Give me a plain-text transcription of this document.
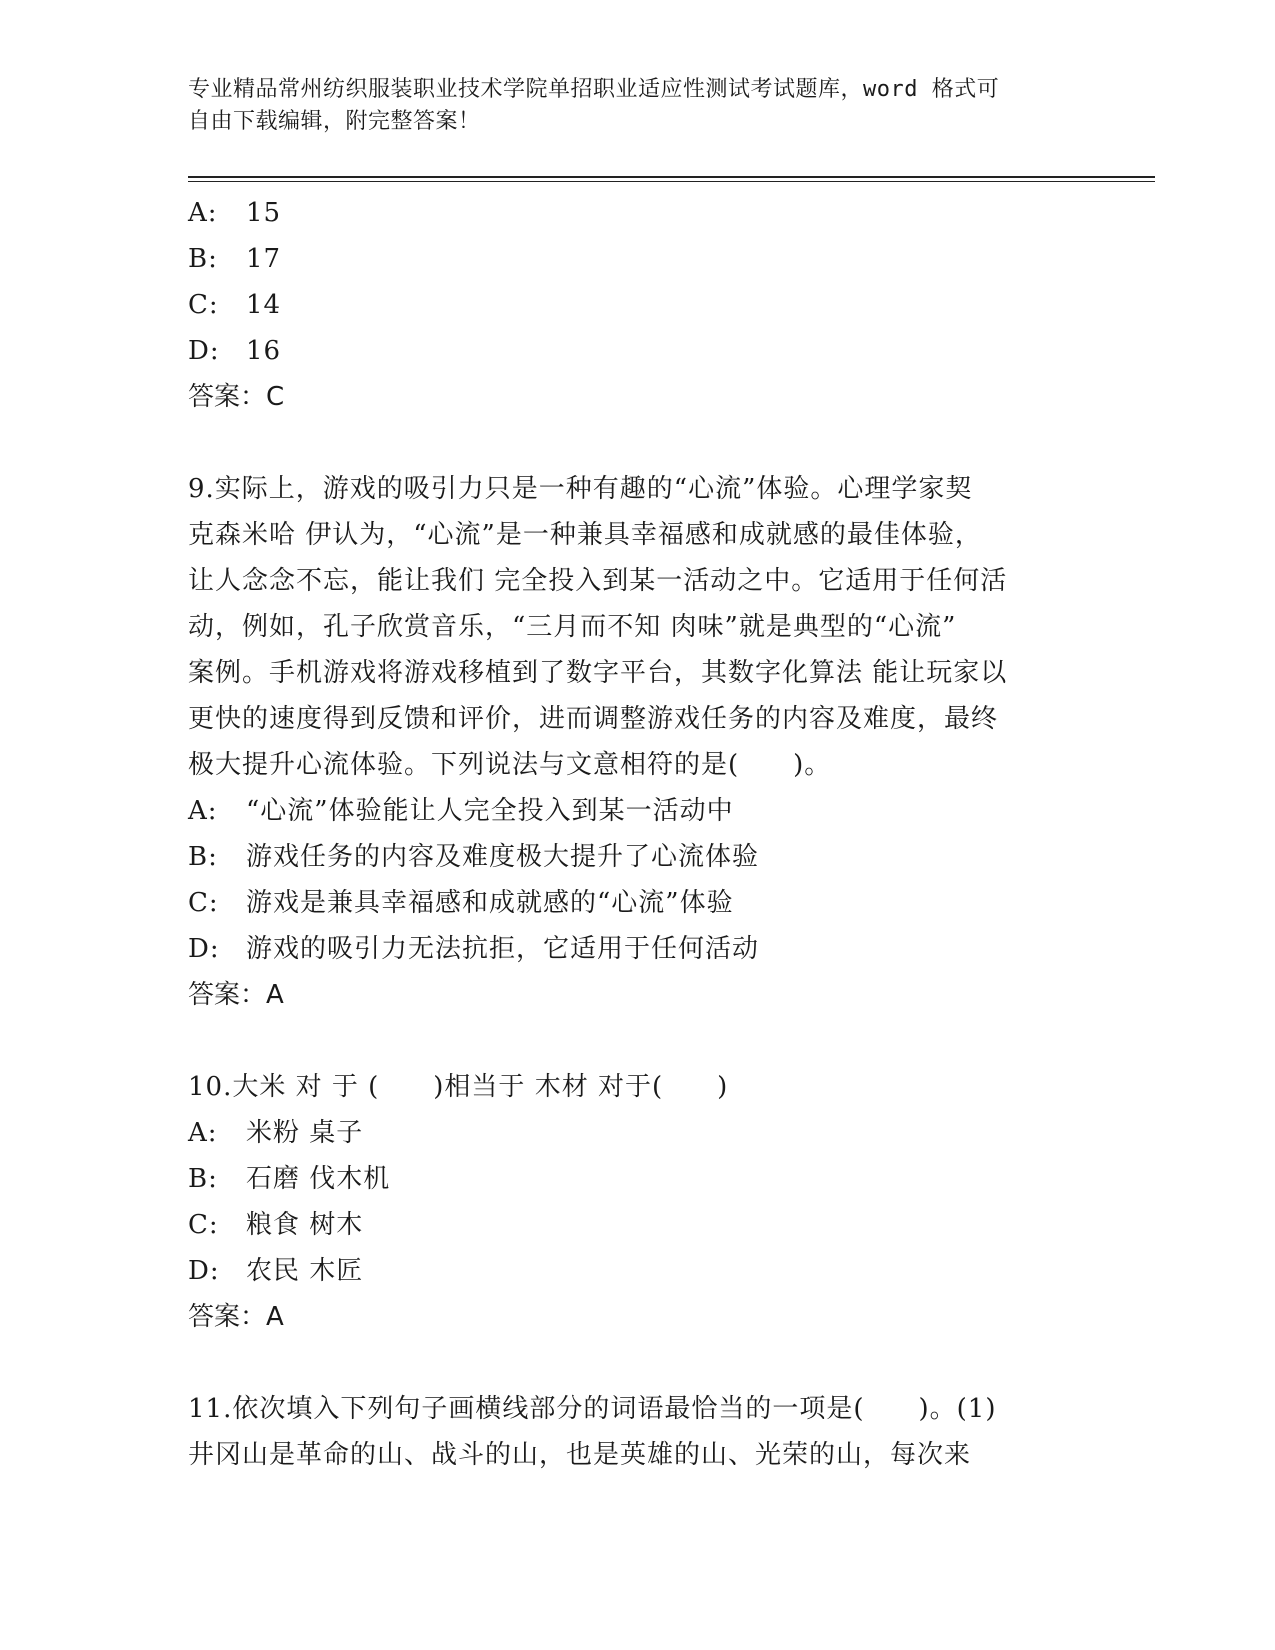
专业精品常州纺织服装职业技术学院单招职业适应性测试考试题库，word 格式可
自由下载编辑，附完整答案！
A:	15
B:	17
C:	14
D:	16
答案：C
9.实际上，游戏的吸引力只是一种有趣的“心流”体验。心理学家契
克森米哈 伊认为，“心流”是一种兼具幸福感和成就感的最佳体验，
让人念念不忘，能让我们 完全投入到某一活动之中。它适用于任何活
动，例如，孔子欣赏音乐，“三月而不知 肉味”就是典型的“心流”
案例。手机游戏将游戏移植到了数字平台，其数字化算法 能让玩家以
更快的速度得到反馈和评价，进而调整游戏任务的内容及难度，最终
极大提升心流体验。下列说法与文意相符的是(　　)。
A:	“心流”体验能让人完全投入到某一活动中
B:	游戏任务的内容及难度极大提升了心流体验
C:	游戏是兼具幸福感和成就感的“心流”体验
D:	游戏的吸引力无法抗拒，它适用于任何活动
答案：A
10.大米 对 于 (　　)相当于 木材 对于(　　)
A:	米粉 桌子
B:	石磨 伐木机
C:	粮食 树木
D:	农民 木匠
答案：A
11.依次填入下列句子画横线部分的词语最恰当的一项是(　　)。(1)
井冈山是革命的山、战斗的山，也是英雄的山、光荣的山，每次来
